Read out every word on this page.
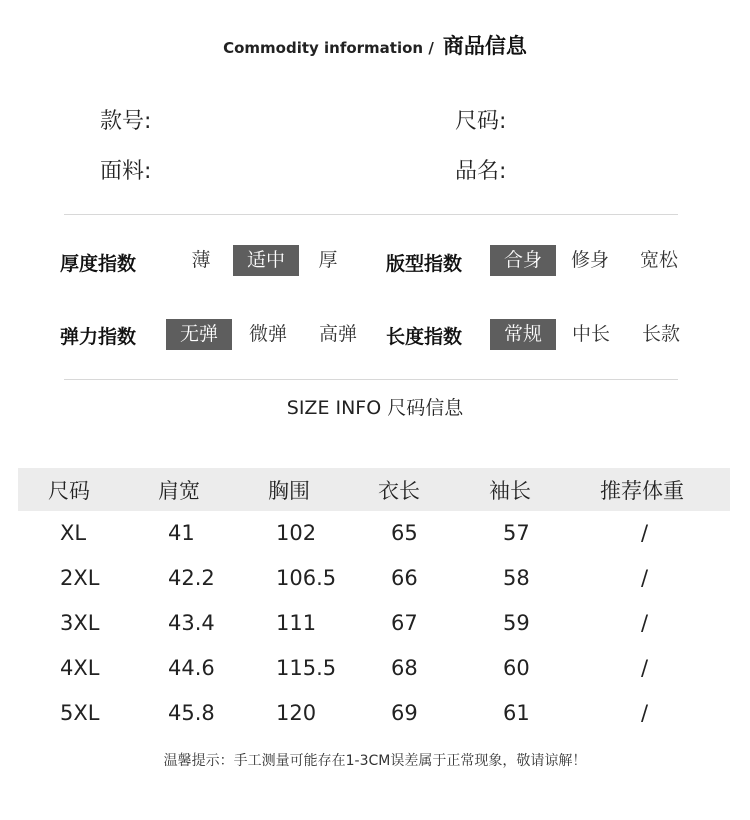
Commodity information / 商品信息
款号:	尺码:
面料:	品名:
厚度指数	薄	适中	厚	版型指数	合身	修身	宽松
弹力指数	无弹	微弹	高弹	长度指数	常规	中长	长款
SIZE INFO 尺码信息
尺码	肩宽	胸围	衣长	袖长	推荐体重
XL	41	102	65	57	/
2XL	42.2	106.5	66	58	/
3XL	43.4	111	67	59	/
4XL	44.6	115.5	68	60	/
5XL	45.8	120	69	61	/
温馨提示：手工测量可能存在1-3CM误差属于正常现象，敬请谅解！
